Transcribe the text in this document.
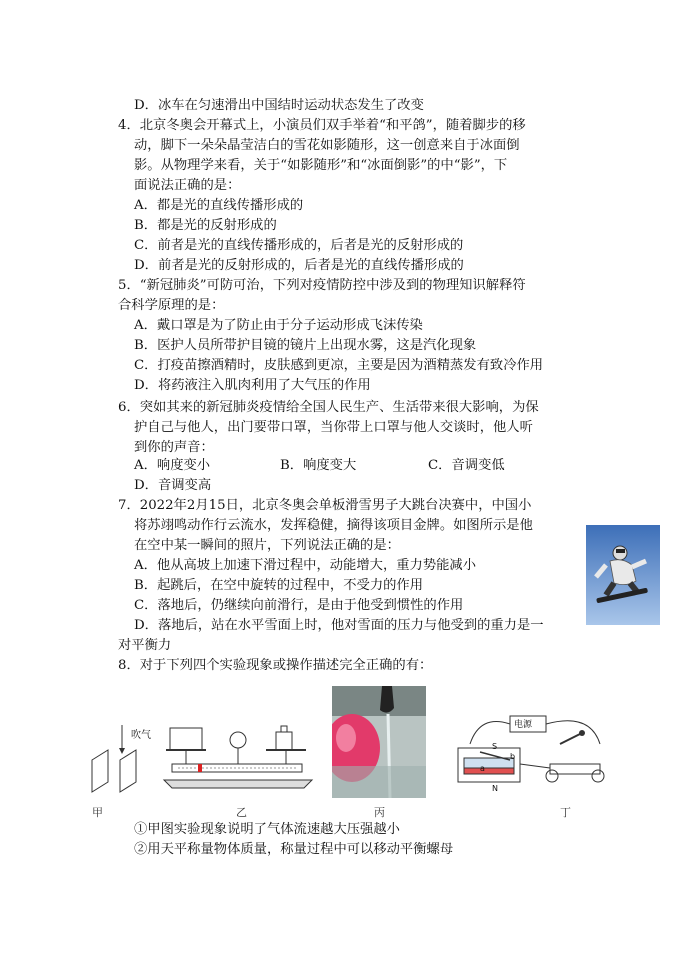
D．冰车在匀速滑出中国结时运动状态发生了改变
4．北京冬奥会开幕式上，小演员们双手举着“和平鸽”，随着脚步的移
动，脚下一朵朵晶莹洁白的雪花如影随形，这一创意来自于冰面倒
影。从物理学来看，关于“如影随形”和“冰面倒影”的中“影”，下
面说法正确的是：
A．都是光的直线传播形成的
B．都是光的反射形成的
C．前者是光的直线传播形成的，后者是光的反射形成的
D．前者是光的反射形成的，后者是光的直线传播形成的
5．“新冠肺炎”可防可治，下列对疫情防控中涉及到的物理知识解释符
合科学原理的是：
A．戴口罩是为了防止由于分子运动形成飞沫传染
B．医护人员所带护目镜的镜片上出现水雾，这是汽化现象
C．打疫苗擦酒精时，皮肤感到更凉，主要是因为酒精蒸发有致冷作用
D．将药液注入肌肉利用了大气压的作用
6．突如其来的新冠肺炎疫情给全国人民生产、生活带来很大影响，为保
护自己与他人，出门要带口罩，当你带上口罩与他人交谈时，他人听
到你的声音：
A．响度变小	B．响度变大	C．音调变低
D．音调变高
7．2022年2月15日，北京冬奥会单板滑雪男子大跳台决赛中，中国小
将苏翊鸣动作行云流水，发挥稳健，摘得该项目金牌。如图所示是他
在空中某一瞬间的照片，下列说法正确的是：
A．他从高坡上加速下滑过程中，动能增大，重力势能减小
B．起跳后，在空中旋转的过程中，不受力的作用
C．落地后，仍继续向前滑行，是由于他受到惯性的作用
D．落地后，站在水平雪面上时，他对雪面的压力与他受到的重力是一
对平衡力
8．对于下列四个实验现象或操作描述完全正确的有：
①甲图实验现象说明了气体流速越大压强越小
②用天平称量物体质量，称量过程中可以移动平衡螺母
吹气
电源
S
N
b
a
甲	乙	丙	丁
